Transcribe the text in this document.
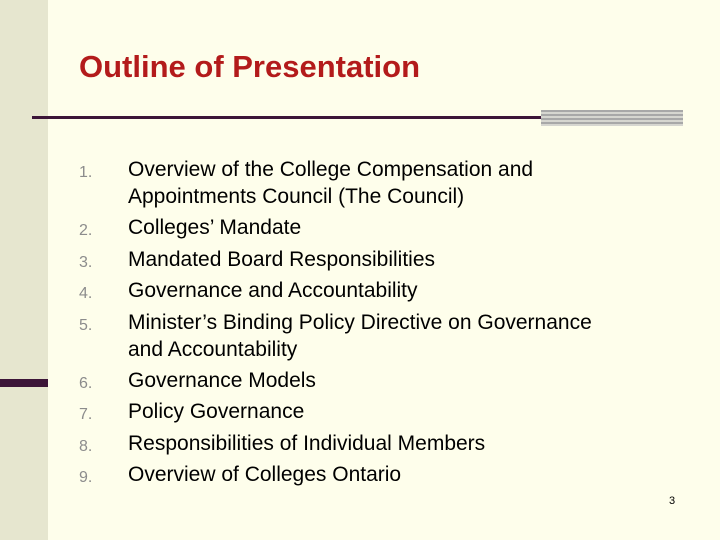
Outline of Presentation
1. Overview of the College Compensation and
Appointments Council (The Council)
2. Colleges’ Mandate
3. Mandated Board Responsibilities
4. Governance and Accountability
5. Minister’s Binding Policy Directive on Governance
and Accountability
6. Governance Models
7. Policy Governance
8. Responsibilities of Individual Members
9. Overview of Colleges Ontario
3
